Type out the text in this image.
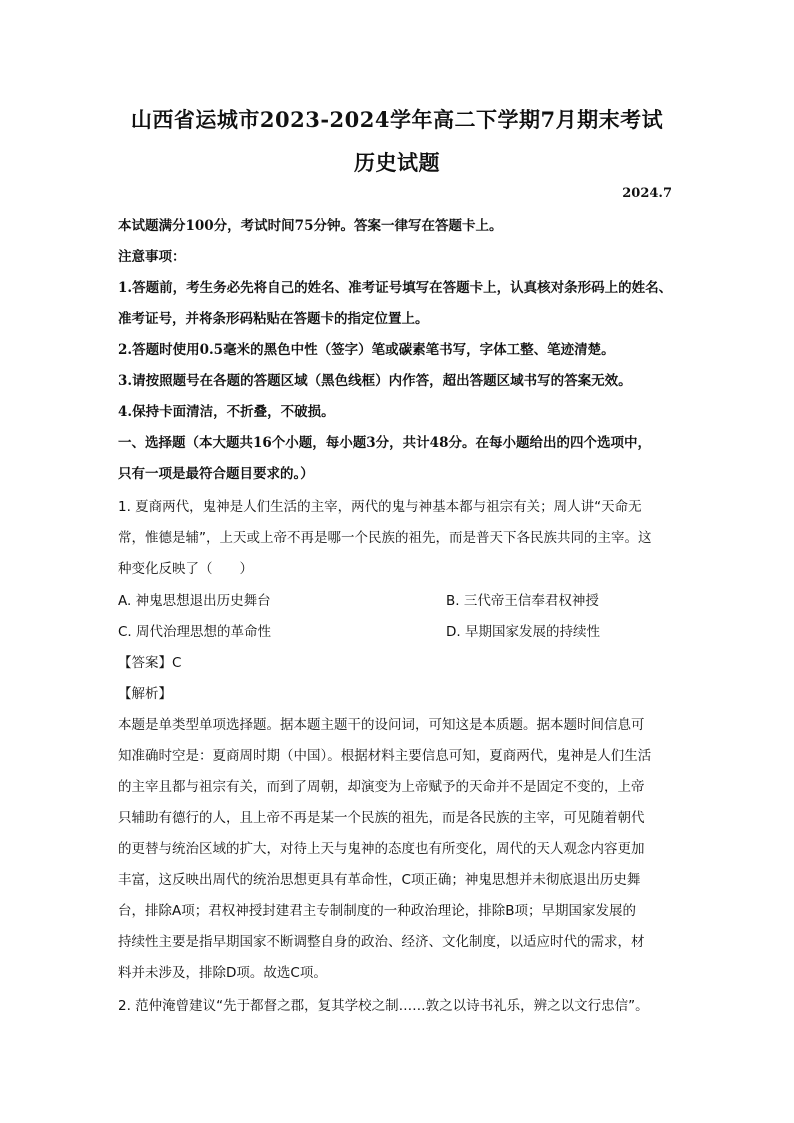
山西省运城市2023-2024学年高二下学期7月期末考试
历史试题
2024.7
本试题满分100分，考试时间75分钟。答案一律写在答题卡上。
注意事项：
1.答题前，考生务必先将自己的姓名、准考证号填写在答题卡上，认真核对条形码上的姓名、
准考证号，并将条形码粘贴在答题卡的指定位置上。
2.答题时使用0.5毫米的黑色中性（签字）笔或碳素笔书写，字体工整、笔迹清楚。
3.请按照题号在各题的答题区域（黑色线框）内作答，超出答题区域书写的答案无效。
4.保持卡面清洁，不折叠，不破损。
一、选择题（本大题共16个小题，每小题3分，共计48分。在每小题给出的四个选项中，
只有一项是最符合题目要求的。）
1. 夏商两代，鬼神是人们生活的主宰，两代的鬼与神基本都与祖宗有关；周人讲“天命无
常，惟德是辅”，上天或上帝不再是哪一个民族的祖先，而是普天下各民族共同的主宰。这
种变化反映了（　　）
A. 神鬼思想退出历史舞台	B. 三代帝王信奉君权神授
C. 周代治理思想的革命性	D. 早期国家发展的持续性
【答案】C
【解析】
本题是单类型单项选择题。据本题主题干的设问词，可知这是本质题。据本题时间信息可
知准确时空是：夏商周时期（中国）。根据材料主要信息可知，夏商两代，鬼神是人们生活
的主宰且都与祖宗有关，而到了周朝，却演变为上帝赋予的天命并不是固定不变的，上帝
只辅助有德行的人，且上帝不再是某一个民族的祖先，而是各民族的主宰，可见随着朝代
的更替与统治区域的扩大，对待上天与鬼神的态度也有所变化，周代的天人观念内容更加
丰富，这反映出周代的统治思想更具有革命性，C项正确；神鬼思想并未彻底退出历史舞
台，排除A项；君权神授封建君主专制制度的一种政治理论，排除B项；早期国家发展的
持续性主要是指早期国家不断调整自身的政治、经济、文化制度，以适应时代的需求，材
料并未涉及，排除D项。故选C项。
2. 范仲淹曾建议“先于都督之郡，复其学校之制……敦之以诗书礼乐，辨之以文行忠信”。
